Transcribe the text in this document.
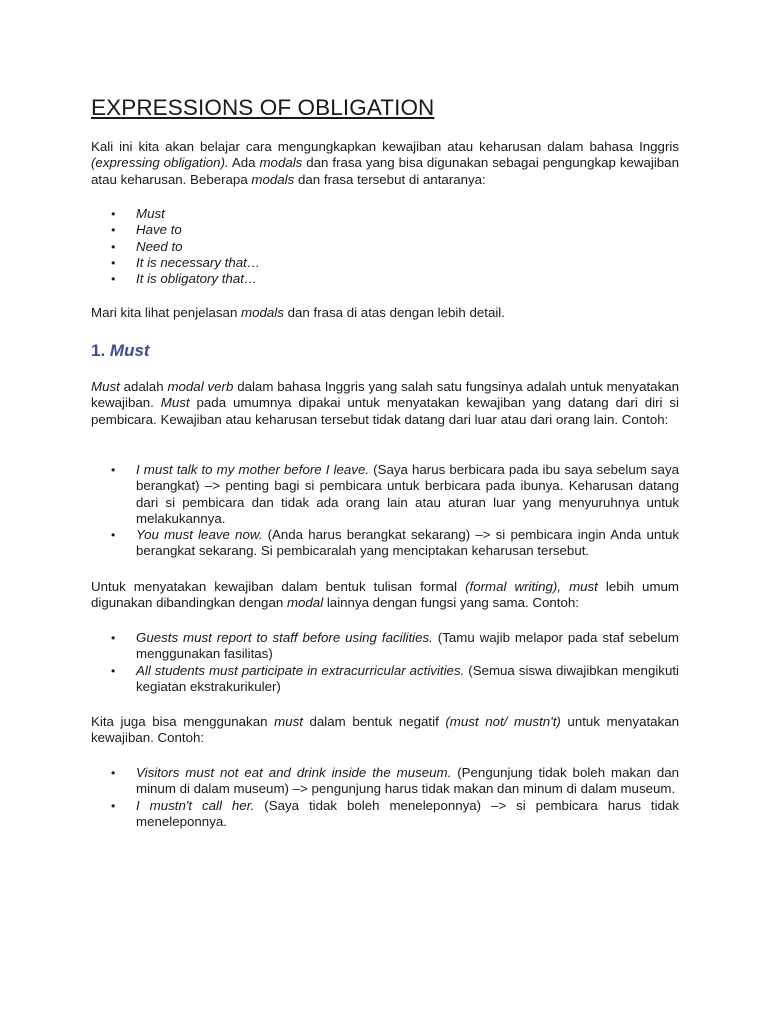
EXPRESSIONS OF OBLIGATION

Kali ini kita akan belajar cara mengungkapkan kewajiban atau keharusan dalam bahasa Inggris (expressing obligation). Ada modals dan frasa yang bisa digunakan sebagai pengungkap kewajiban atau keharusan. Beberapa modals dan frasa tersebut di antaranya:

• Must
• Have to
• Need to
• It is necessary that…
• It is obligatory that…

Mari kita lihat penjelasan modals dan frasa di atas dengan lebih detail.

1. Must

Must adalah modal verb dalam bahasa Inggris yang salah satu fungsinya adalah untuk menyatakan kewajiban. Must pada umumnya dipakai untuk menyatakan kewajiban yang datang dari diri si pembicara. Kewajiban atau keharusan tersebut tidak datang dari luar atau dari orang lain. Contoh:

• I must talk to my mother before I leave. (Saya harus berbicara pada ibu saya sebelum saya berangkat) –> penting bagi si pembicara untuk berbicara pada ibunya. Keharusan datang dari si pembicara dan tidak ada orang lain atau aturan luar yang menyuruhnya untuk melakukannya.
• You must leave now. (Anda harus berangkat sekarang) –> si pembicara ingin Anda untuk berangkat sekarang. Si pembicaralah yang menciptakan keharusan tersebut.

Untuk menyatakan kewajiban dalam bentuk tulisan formal (formal writing), must lebih umum digunakan dibandingkan dengan modal lainnya dengan fungsi yang sama. Contoh:

• Guests must report to staff before using facilities. (Tamu wajib melapor pada staf sebelum menggunakan fasilitas)
• All students must participate in extracurricular activities. (Semua siswa diwajibkan mengikuti kegiatan ekstrakurikuler)

Kita juga bisa menggunakan must dalam bentuk negatif (must not/ mustn't) untuk menyatakan kewajiban. Contoh:

• Visitors must not eat and drink inside the museum. (Pengunjung tidak boleh makan dan minum di dalam museum) –> pengunjung harus tidak makan dan minum di dalam museum.
• I mustn't call her. (Saya tidak boleh meneleponnya) –> si pembicara harus tidak meneleponnya.
